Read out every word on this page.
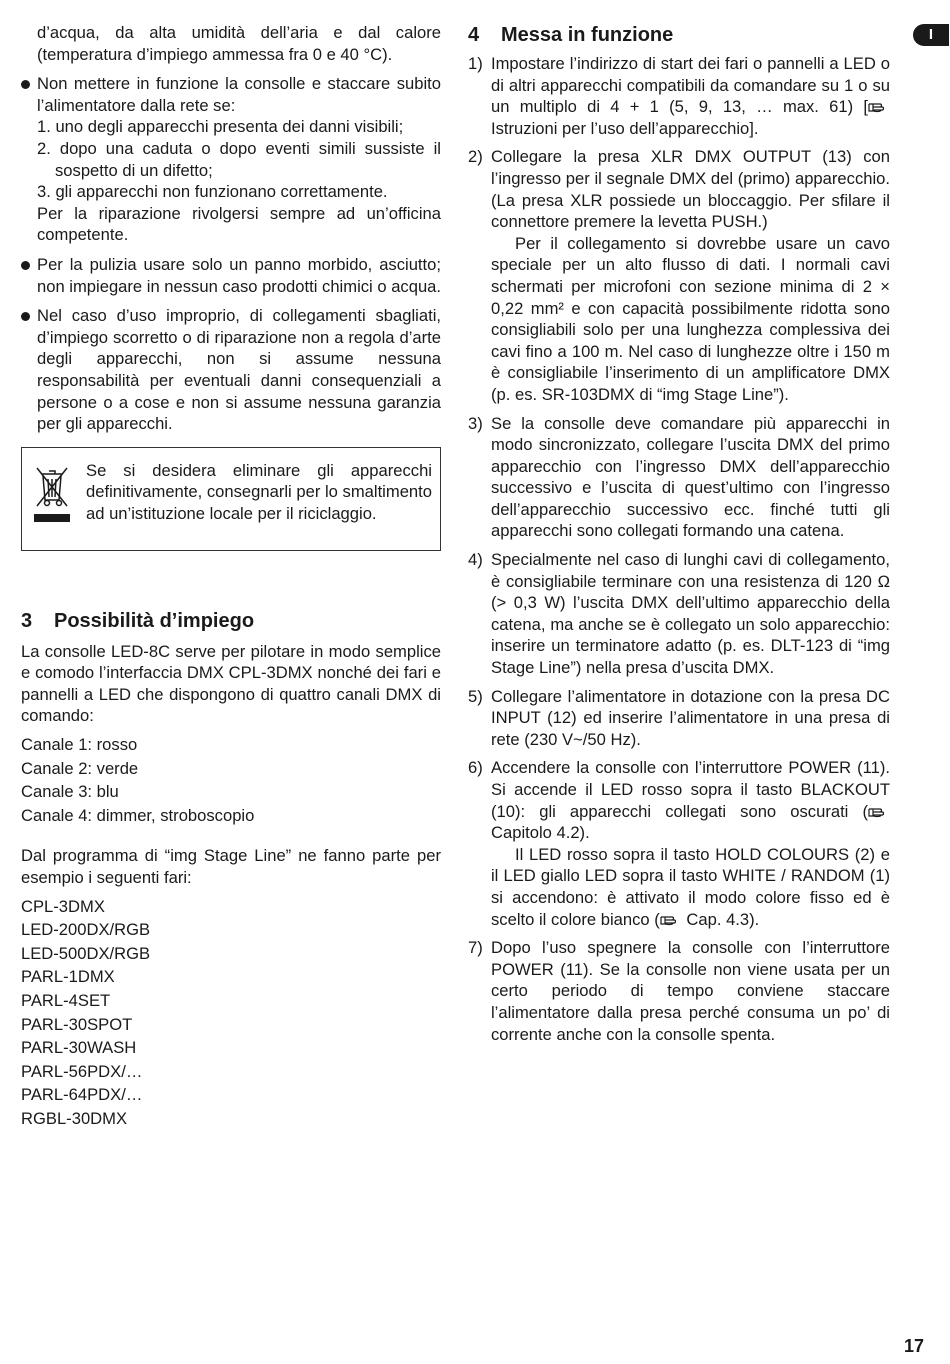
I

d’acqua, da alta umidità dell’aria e dal calore (temperatura d’impiego ammessa fra 0 e 40 °C).

Non mettere in funzione la consolle e staccare subito l’alimentatore dalla rete se:

1. uno degli apparecchi presenta dei danni visibili;

2. dopo una caduta o dopo eventi simili sussiste il sospetto di un difetto;

3. gli apparecchi non funzionano correttamente.

Per la riparazione rivolgersi sempre ad un’officina competente.

Per la pulizia usare solo un panno morbido, asciutto; non impiegare in nessun caso prodotti chimici o acqua.

Nel caso d’uso improprio, di collegamenti sbagliati, d’impiego scorretto o di riparazione non a regola d’arte degli apparecchi, non si assume nessuna responsabilità per eventuali danni consequenziali a persone o a cose e non si assume nessuna garanzia per gli apparecchi.

Se si desidera eliminare gli apparecchi definitivamente, consegnarli per lo smaltimento ad un’istituzione locale per il riciclaggio.

3 Possibilità d’impiego

La consolle LED-8C serve per pilotare in modo semplice e comodo l’interfaccia DMX CPL-3DMX nonché dei fari e pannelli a LED che dispongono di quattro canali DMX di comando:

Canale 1: rosso

Canale 2: verde

Canale 3: blu

Canale 4: dimmer, stroboscopio

Dal programma di “img Stage Line” ne fanno parte per esempio i seguenti fari:

CPL-3DMX

LED-200DX/RGB

LED-500DX/RGB

PARL-1DMX

PARL-4SET

PARL-30SPOT

PARL-30WASH

PARL-56PDX/…

PARL-64PDX/…

RGBL-30DMX

4 Messa in funzione
1) Impostare l’indirizzo di start dei fari o pannelli a LED o di altri apparecchi compatibili da comandare su 1 o su un multiplo di 4 + 1 (5, 9, 13, … max. 61) [ Istruzioni per l’uso dell’apparecchio].
2) Collegare la presa XLR DMX OUTPUT (13) con l’ingresso per il segnale DMX del (primo) apparecchio. (La presa XLR possiede un bloccaggio. Per sfilare il connettore premere la levetta PUSH.)

Per il collegamento si dovrebbe usare un cavo speciale per un alto flusso di dati. I normali cavi schermati per microfoni con sezione minima di 2 × 0,22 mm² e con capacità possibilmente ridotta sono consigliabili solo per una lunghezza complessiva dei cavi fino a 100 m. Nel caso di lunghezze oltre i 150 m è consigliabile l’inserimento di un amplificatore DMX (p. es. SR-103DMX di “img Stage Line”).

3) Se la consolle deve comandare più apparecchi in modo sincronizzato, collegare l’uscita DMX del primo apparecchio con l’ingresso DMX dell’apparecchio successivo e l’uscita di quest’ultimo con l’ingresso dell’apparecchio successivo ecc. finché tutti gli apparecchi sono collegati formando una catena.

4) Specialmente nel caso di lunghi cavi di collegamento, è consigliabile terminare con una resistenza di 120 Ω (> 0,3 W) l’uscita DMX dell’ultimo apparecchio della catena, ma anche se è collegato un solo apparecchio: inserire un terminatore adatto (p. es. DLT-123 di “img Stage Line”) nella presa d’uscita DMX.

5) Collegare l’alimentatore in dotazione con la presa DC INPUT (12) ed inserire l’alimentatore in una presa di rete (230 V~/50 Hz).

6) Accendere la consolle con l’interruttore POWER (11). Si accende il LED rosso sopra il tasto BLACKOUT (10): gli apparecchi collegati sono oscurati ( Capitolo 4.2).

Il LED rosso sopra il tasto HOLD COLOURS (2) e il LED giallo LED sopra il tasto WHITE / RANDOM (1) si accendono: è attivato il modo colore fisso ed è scelto il colore bianco ( Cap. 4.3).

7) Dopo l’uso spegnere la consolle con l’interruttore POWER (11). Se la consolle non viene usata per un certo periodo di tempo conviene staccare l’alimentatore dalla presa perché consuma un po’ di corrente anche con la consolle spenta.

17
